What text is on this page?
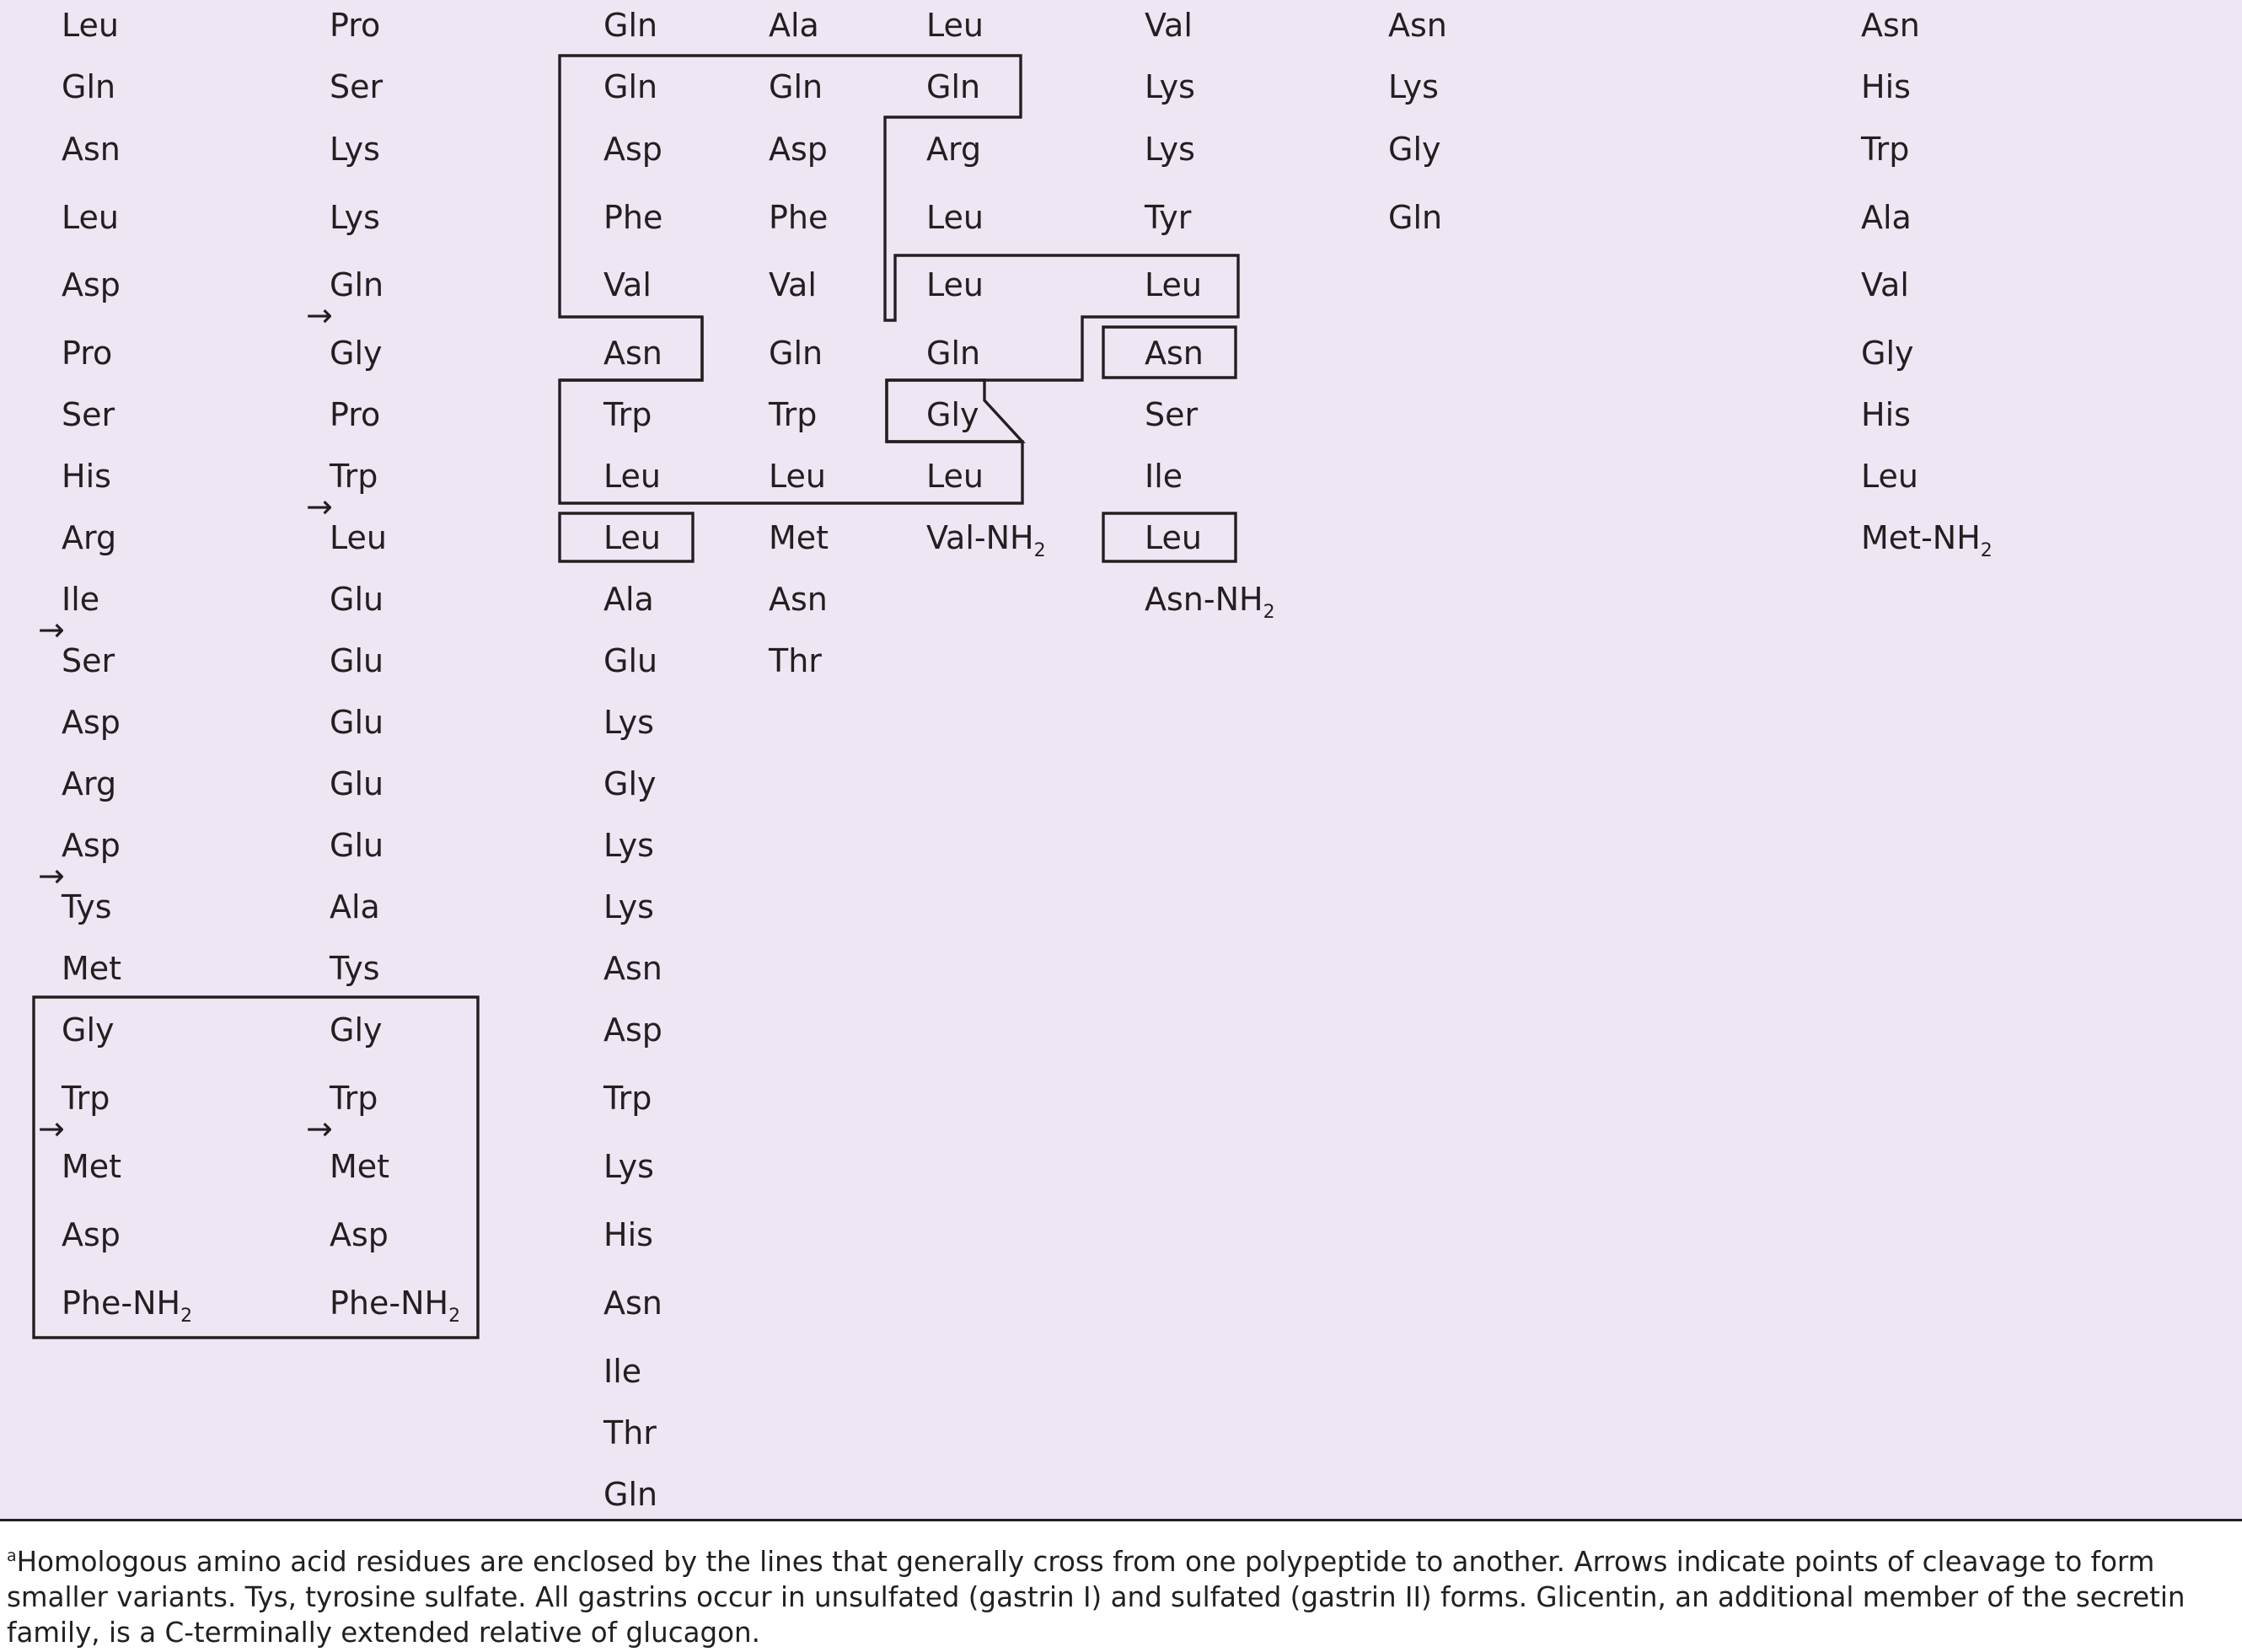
Leu
Gln
Asn
Leu
Asp
Pro
Ser
His
Arg
Ile
Ser
Asp
Arg
Asp
Tys
Met
Gly
Trp
Met
Asp
Phe-$NH_2$
Pro
Ser
Lys
Lys
Gln
Gly
Pro
Trp
Leu
Glu
Glu
Glu
Glu
Glu
Ala
Tys
Gly
Trp
Met
Asp
Phe-$NH_2$
Gln
Gln
Asp
Phe
Val
Asn
Trp
Leu
Leu
Ala
Glu
Lys
Gly
Lys
Lys
Asn
Asp
Trp
Lys
His
Asn
Ile
Thr
Gln
Ala
Gln
Asp
Phe
Val
Gln
Trp
Leu
Met
Asn
Thr
Leu
Gln
Arg
Leu
Leu
Gln
Gly
Leu
Val-$NH_2$
Val
Lys
Lys
Tyr
Leu
Asn
Ser
Ile
Leu
Asn-$NH_2$
Asn
Lys
Gly
Gln
Asn
His
Trp
Ala
Val
Gly
His
Leu
Met-$NH_2$
→
→
→
→
→	→
$^a$Homologous amino acid residues are enclosed by the lines that generally cross from one polypeptide to another. Arrows indicate points of cleavage to form smaller variants. Tys, tyrosine sulfate. All gastrins occur in unsulfated (gastrin I) and sulfated (gastrin II) forms. Glicentin, an additional member of the secretin family, is a C-terminally extended relative of glucagon.
